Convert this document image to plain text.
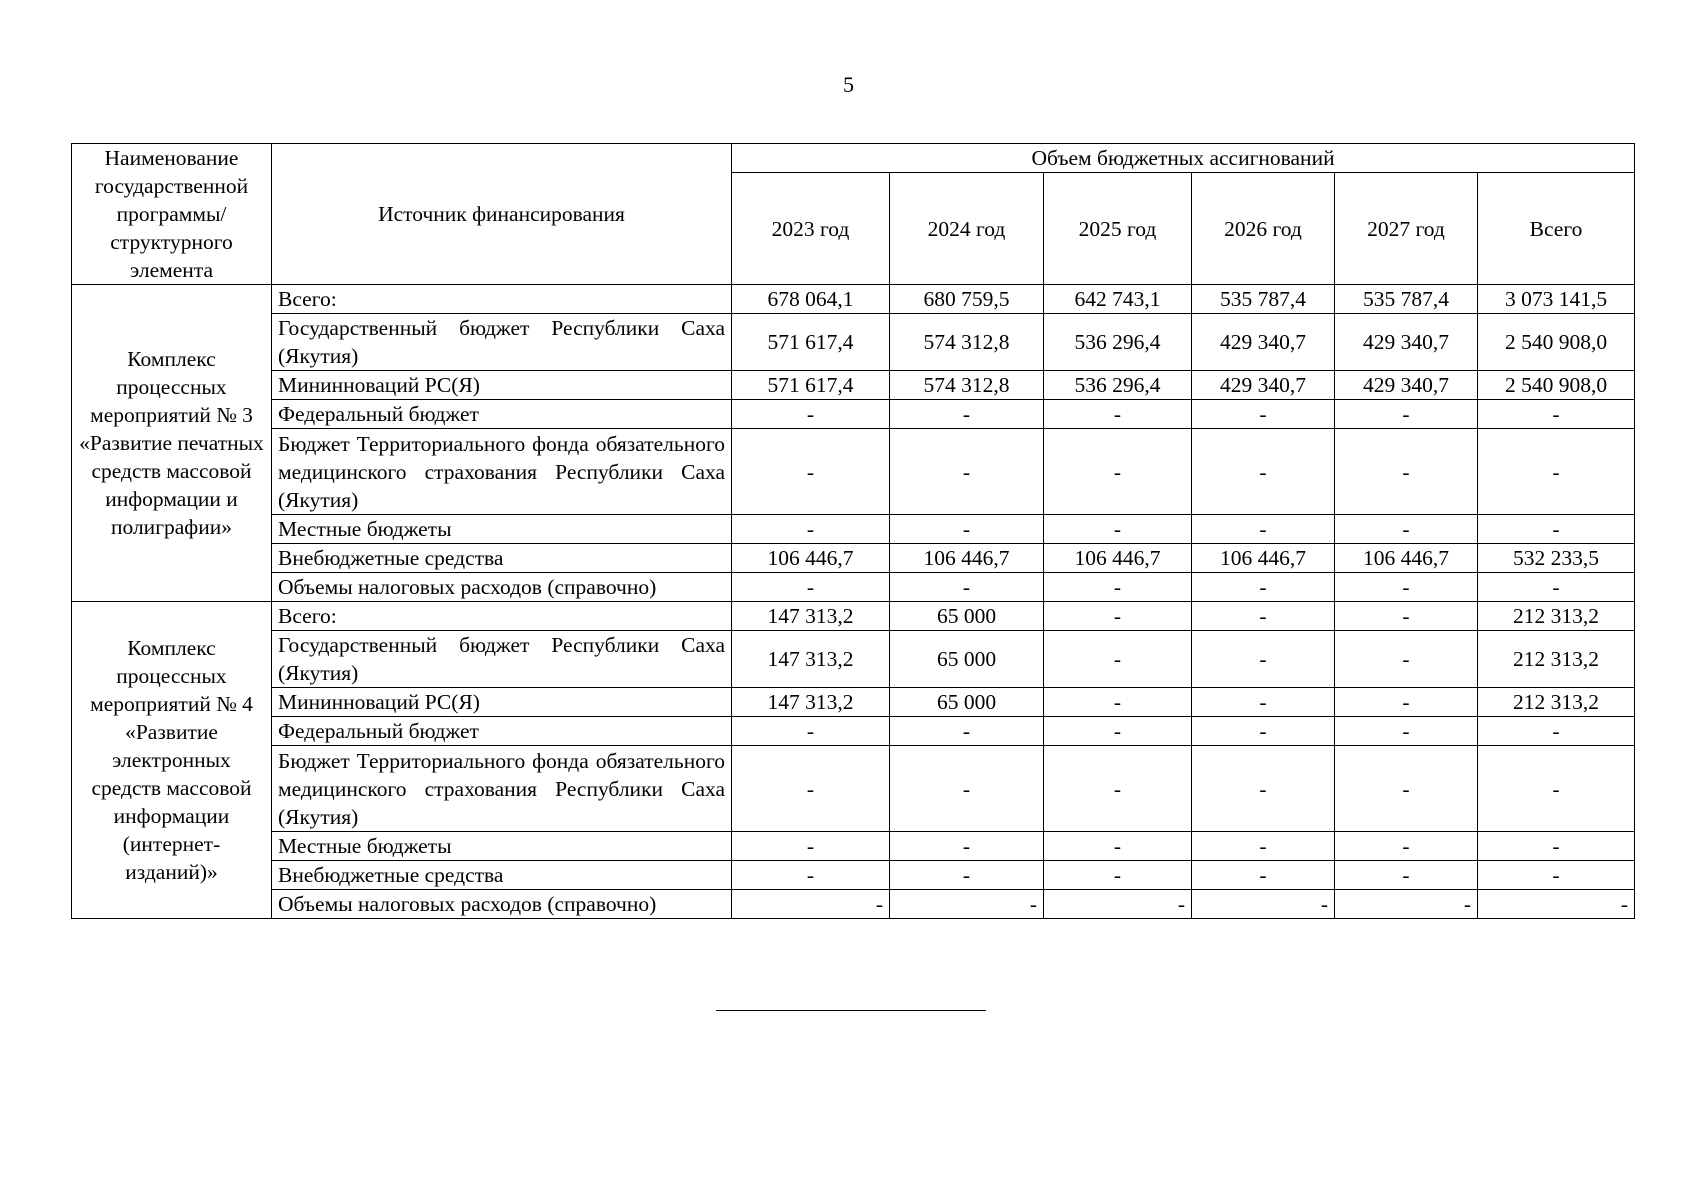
5
Наименование государственной программы/ структурного элемента	Источник финансирования	Объем бюджетных ассигнований					
		2023 год	2024 год	2025 год	2026 год	2027 год	Всего
Комплекс процессных мероприятий № 3 «Развитие печатных средств массовой информации и полиграфии»	Всего:	678 064,1	680 759,5	642 743,1	535 787,4	535 787,4	3 073 141,5
	Государственный бюджет Республики Саха (Якутия)	571 617,4	574 312,8	536 296,4	429 340,7	429 340,7	2 540 908,0
	Мининноваций РС(Я)	571 617,4	574 312,8	536 296,4	429 340,7	429 340,7	2 540 908,0
	Федеральный бюджет	-	-	-	-	-	-
	Бюджет Территориального фонда обязательного медицинского страхования Республики Саха (Якутия)	-	-	-	-	-	-
	Местные бюджеты	-	-	-	-	-	-
	Внебюджетные средства	106 446,7	106 446,7	106 446,7	106 446,7	106 446,7	532 233,5
	Объемы налоговых расходов (справочно)	-	-	-	-	-	-
Комплекс процессных мероприятий № 4 «Развитие электронных средств массовой информации (интернет-изданий)»	Всего:	147 313,2	65 000	-	-	-	212 313,2
	Государственный бюджет Республики Саха (Якутия)	147 313,2	65 000	-	-	-	212 313,2
	Мининноваций РС(Я)	147 313,2	65 000	-	-	-	212 313,2
	Федеральный бюджет	-	-	-	-	-	-
	Бюджет Территориального фонда обязательного медицинского страхования Республики Саха (Якутия)	-	-	-	-	-	-
	Местные бюджеты	-	-	-	-	-	-
	Внебюджетные средства	-	-	-	-	-	-
	Объемы налоговых расходов (справочно)	-	-	-	-	-	-
